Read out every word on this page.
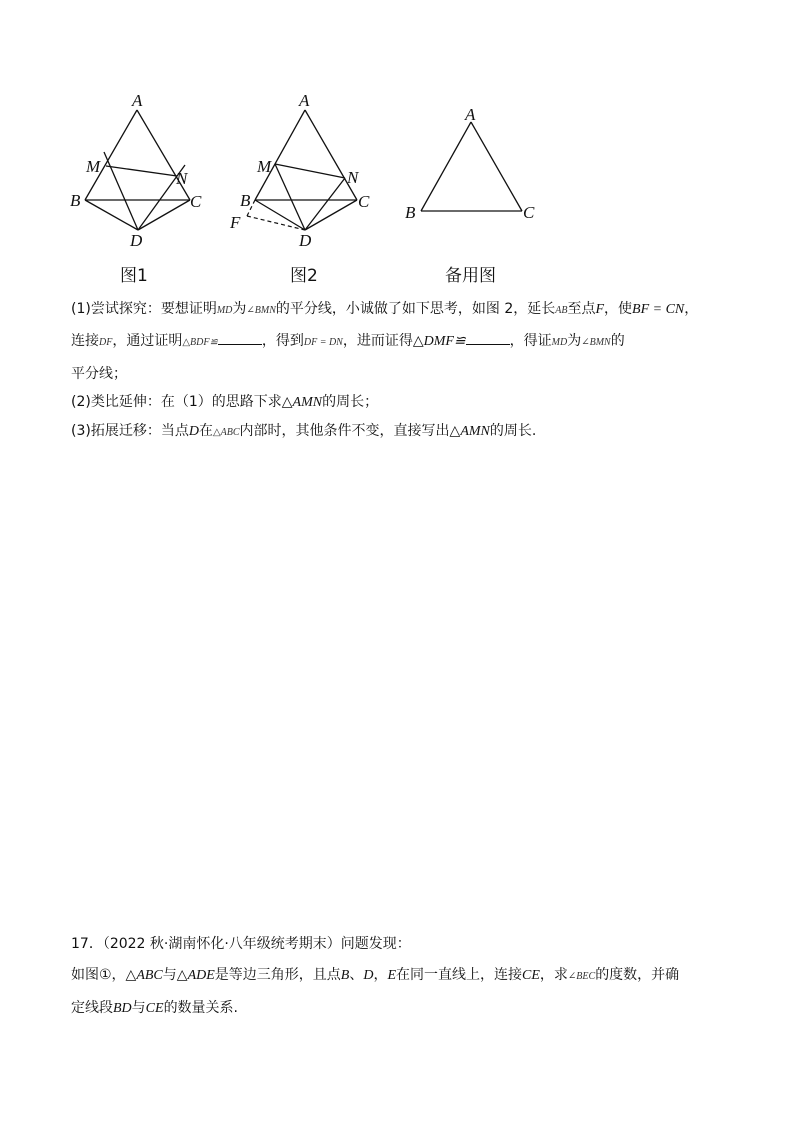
A
M
N
B	C
D
图1
A
M
N
B	C
F
D
图2
A
B	C
备用图
(1)尝试探究：要想证明MD为∠BMN的平分线，小诚做了如下思考，如图 2，延长AB至点F，使BF = CN，
连接DF，通过证明△BDF≌	，得到DF = DN，进而证得△DMF≌	，得证MD为∠BMN的
平分线；
(2)类比延伸：在（1）的思路下求△AMN的周长；
(3)拓展迁移：当点D在△ABC内部时，其他条件不变，直接写出△AMN的周长.
17．（2022 秋·湖南怀化·八年级统考期末）问题发现：
如图①，△ABC与△ADE是等边三角形，且点B、D，E在同一直线上，连接CE，求∠BEC的度数，并确
定线段BD与CE的数量关系.
